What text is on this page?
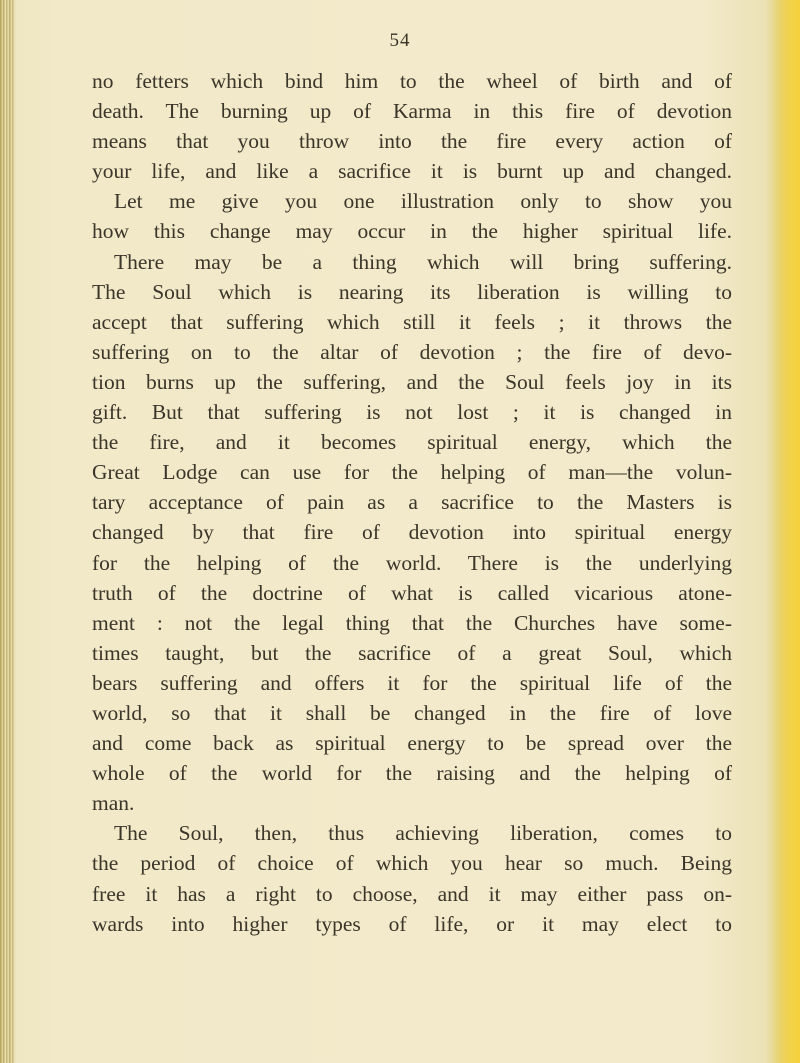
54
no fetters which bind him to the wheel of birth and of
death. The burning up of Karma in this fire of devotion
means that you throw into the fire every action of
your life, and like a sacrifice it is burnt up and changed.
Let me give you one illustration only to show you
how this change may occur in the higher spiritual life.
There may be a thing which will bring suffering.
The Soul which is nearing its liberation is willing to
accept that suffering which still it feels ; it throws the
suffering on to the altar of devotion ; the fire of devo-
tion burns up the suffering, and the Soul feels joy in its
gift. But that suffering is not lost ; it is changed in
the fire, and it becomes spiritual energy, which the
Great Lodge can use for the helping of man—the volun-
tary acceptance of pain as a sacrifice to the Masters is
changed by that fire of devotion into spiritual energy
for the helping of the world. There is the underlying
truth of the doctrine of what is called vicarious atone-
ment : not the legal thing that the Churches have some-
times taught, but the sacrifice of a great Soul, which
bears suffering and offers it for the spiritual life of the
world, so that it shall be changed in the fire of love
and come back as spiritual energy to be spread over the
whole of the world for the raising and the helping of
man.
The Soul, then, thus achieving liberation, comes to
the period of choice of which you hear so much. Being
free it has a right to choose, and it may either pass on-
wards into higher types of life, or it may elect to
